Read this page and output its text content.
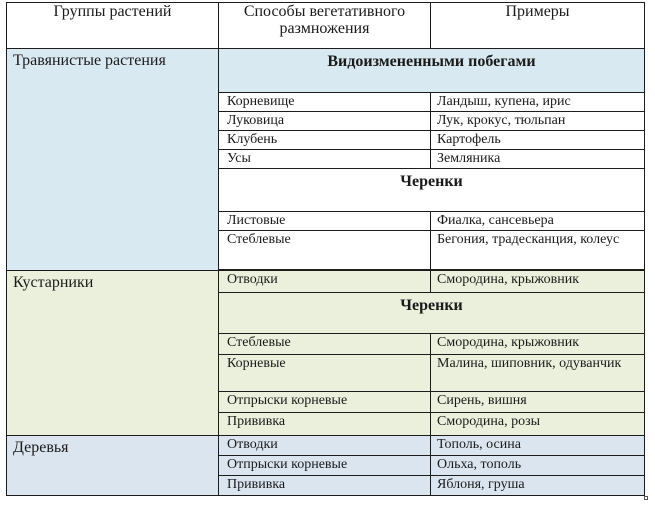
Группы растений	Способы вегетативного размножения	Примеры
Травянистые растения	Видоизмененными побегами	
	Корневище	Ландыш, купена, ирис
	Луковица	Лук, крокус, тюльпан
	Клубень	Картофель
	Усы	Земляника
	Черенки	
	Листовые	Фиалка, сансевьера
	Стеблевые	Бегония, традесканция, колеус

Кустарники	Отводки	Смородина, крыжовник
	Черенки	
	Стеблевые	Смородина, крыжовник
	Корневые	Малина, шиповник, одуванчик
	Отпрыски корневые	Сирень, вишня
	Прививка	Смородина, розы
Деревья	Отводки	Тополь, осина
	Отпрыски корневые	Ольха, тополь
	Прививка	Яблоня, груша
